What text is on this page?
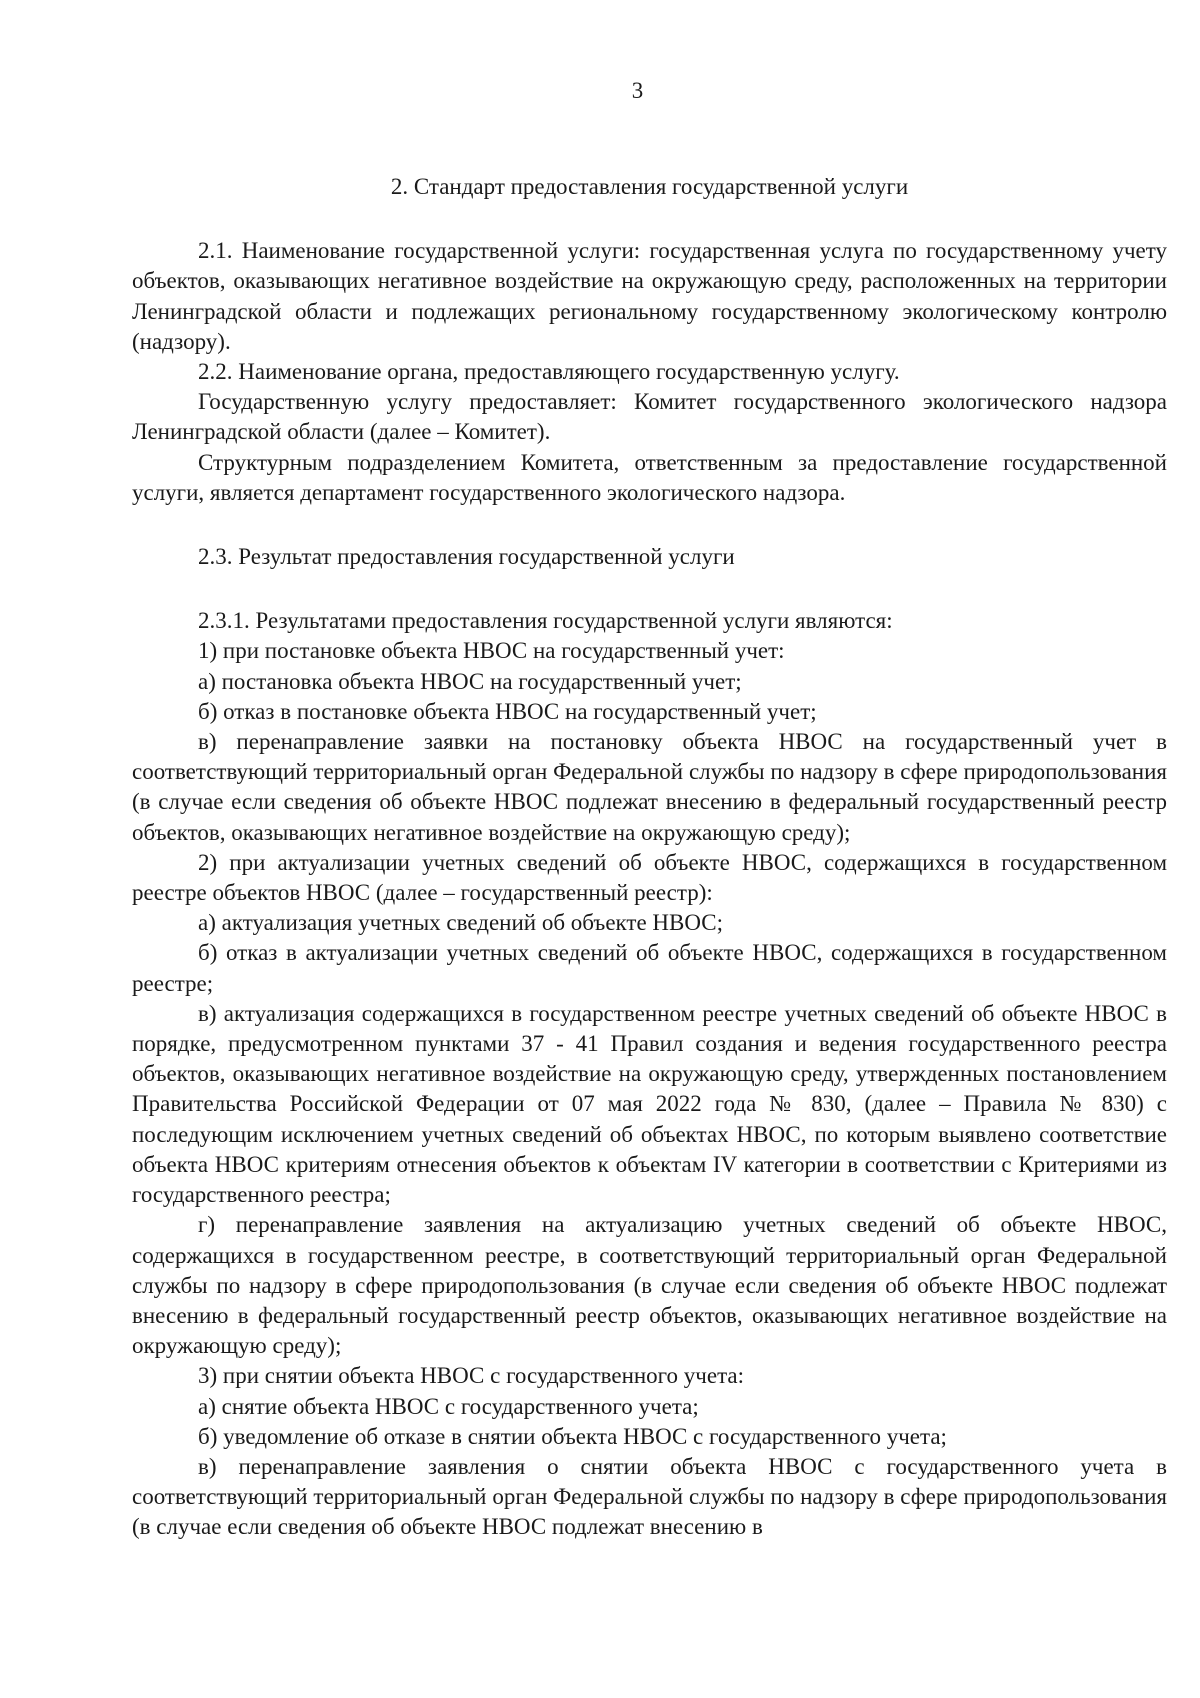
3

2. Стандарт предоставления государственной услуги

2.1. Наименование государственной услуги: государственная услуга по государственному учету объектов, оказывающих негативное воздействие на окружающую среду, расположенных на территории Ленинградской области и подлежащих региональному государственному экологическому контролю (надзору).

2.2. Наименование органа, предоставляющего государственную услугу.

Государственную услугу предоставляет: Комитет государственного экологического надзора Ленинградской области (далее – Комитет).

Структурным подразделением Комитета, ответственным за предоставление государственной услуги, является департамент государственного экологического надзора.

2.3. Результат предоставления государственной услуги

2.3.1. Результатами предоставления государственной услуги являются:

1) при постановке объекта НВОС на государственный учет:

а) постановка объекта НВОС на государственный учет;

б) отказ в постановке объекта НВОС на государственный учет;

в) перенаправление заявки на постановку объекта НВОС на государственный учет в соответствующий территориальный орган Федеральной службы по надзору в сфере природопользования (в случае если сведения об объекте НВОС подлежат внесению в федеральный государственный реестр объектов, оказывающих негативное воздействие на окружающую среду);

2) при актуализации учетных сведений об объекте НВОС, содержащихся в государственном реестре объектов НВОС (далее – государственный реестр):

а) актуализация учетных сведений об объекте НВОС;

б) отказ в актуализации учетных сведений об объекте НВОС, содержащихся в государственном реестре;

в) актуализация содержащихся в государственном реестре учетных сведений об объекте НВОС в порядке, предусмотренном пунктами 37 - 41 Правил создания и ведения государственного реестра объектов, оказывающих негативное воздействие на окружающую среду, утвержденных постановлением Правительства Российской Федерации от 07 мая 2022 года № 830, (далее – Правила № 830) с последующим исключением учетных сведений об объектах НВОС, по которым выявлено соответствие объекта НВОС критериям отнесения объектов к объектам IV категории в соответствии с Критериями из государственного реестра;

г) перенаправление заявления на актуализацию учетных сведений об объекте НВОС, содержащихся в государственном реестре, в соответствующий территориальный орган Федеральной службы по надзору в сфере природопользования (в случае если сведения об объекте НВОС подлежат внесению в федеральный государственный реестр объектов, оказывающих негативное воздействие на окружающую среду);

3) при снятии объекта НВОС с государственного учета:

а) снятие объекта НВОС с государственного учета;

б) уведомление об отказе в снятии объекта НВОС с государственного учета;

в) перенаправление заявления о снятии объекта НВОС с государственного учета в соответствующий территориальный орган Федеральной службы по надзору в сфере природопользования (в случае если сведения об объекте НВОС подлежат внесению в
